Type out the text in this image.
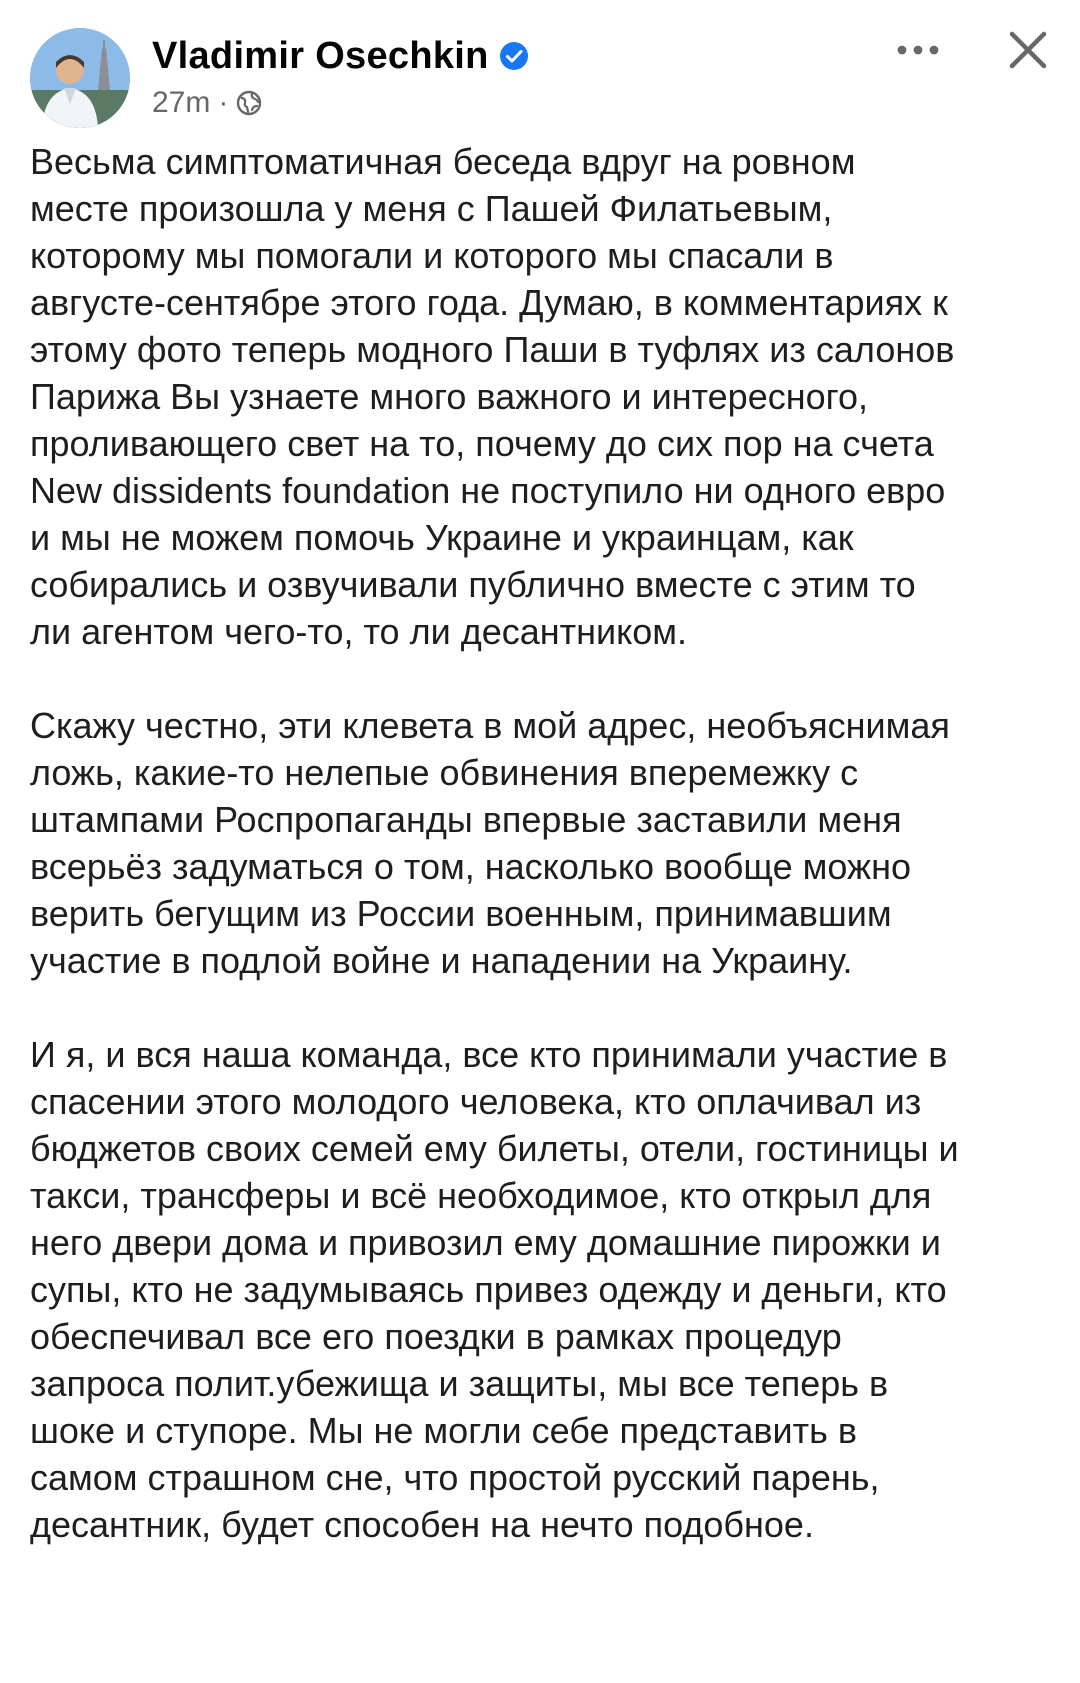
Vladimir Osechkin
27m ·

Весьма симптоматичная беседа вдруг на ровном
месте произошла у меня с Пашей Филатьевым,
которому мы помогали и которого мы спасали в
августе-сентябре этого года. Думаю, в комментариях к
этому фото теперь модного Паши в туфлях из салонов
Парижа Вы узнаете много важного и интересного,
проливающего свет на то, почему до сих пор на счета
New dissidents foundation не поступило ни одного евро
и мы не можем помочь Украине и украинцам, как
собирались и озвучивали публично вместе с этим то
ли агентом чего-то, то ли десантником.

Скажу честно, эти клевета в мой адрес, необъяснимая
ложь, какие-то нелепые обвинения вперемежку с
штампами Роспропаганды впервые заставили меня
всерьёз задуматься о том, насколько вообще можно
верить бегущим из России военным, принимавшим
участие в подлой войне и нападении на Украину.

И я, и вся наша команда, все кто принимали участие в
спасении этого молодого человека, кто оплачивал из
бюджетов своих семей ему билеты, отели, гостиницы и
такси, трансферы и всё необходимое, кто открыл для
него двери дома и привозил ему домашние пирожки и
супы, кто не задумываясь привез одежду и деньги, кто
обеспечивал все его поездки в рамках процедур
запроса полит.убежища и защиты, мы все теперь в
шоке и ступоре. Мы не могли себе представить в
самом страшном сне, что простой русский парень,
десантник, будет способен на нечто подобное.
